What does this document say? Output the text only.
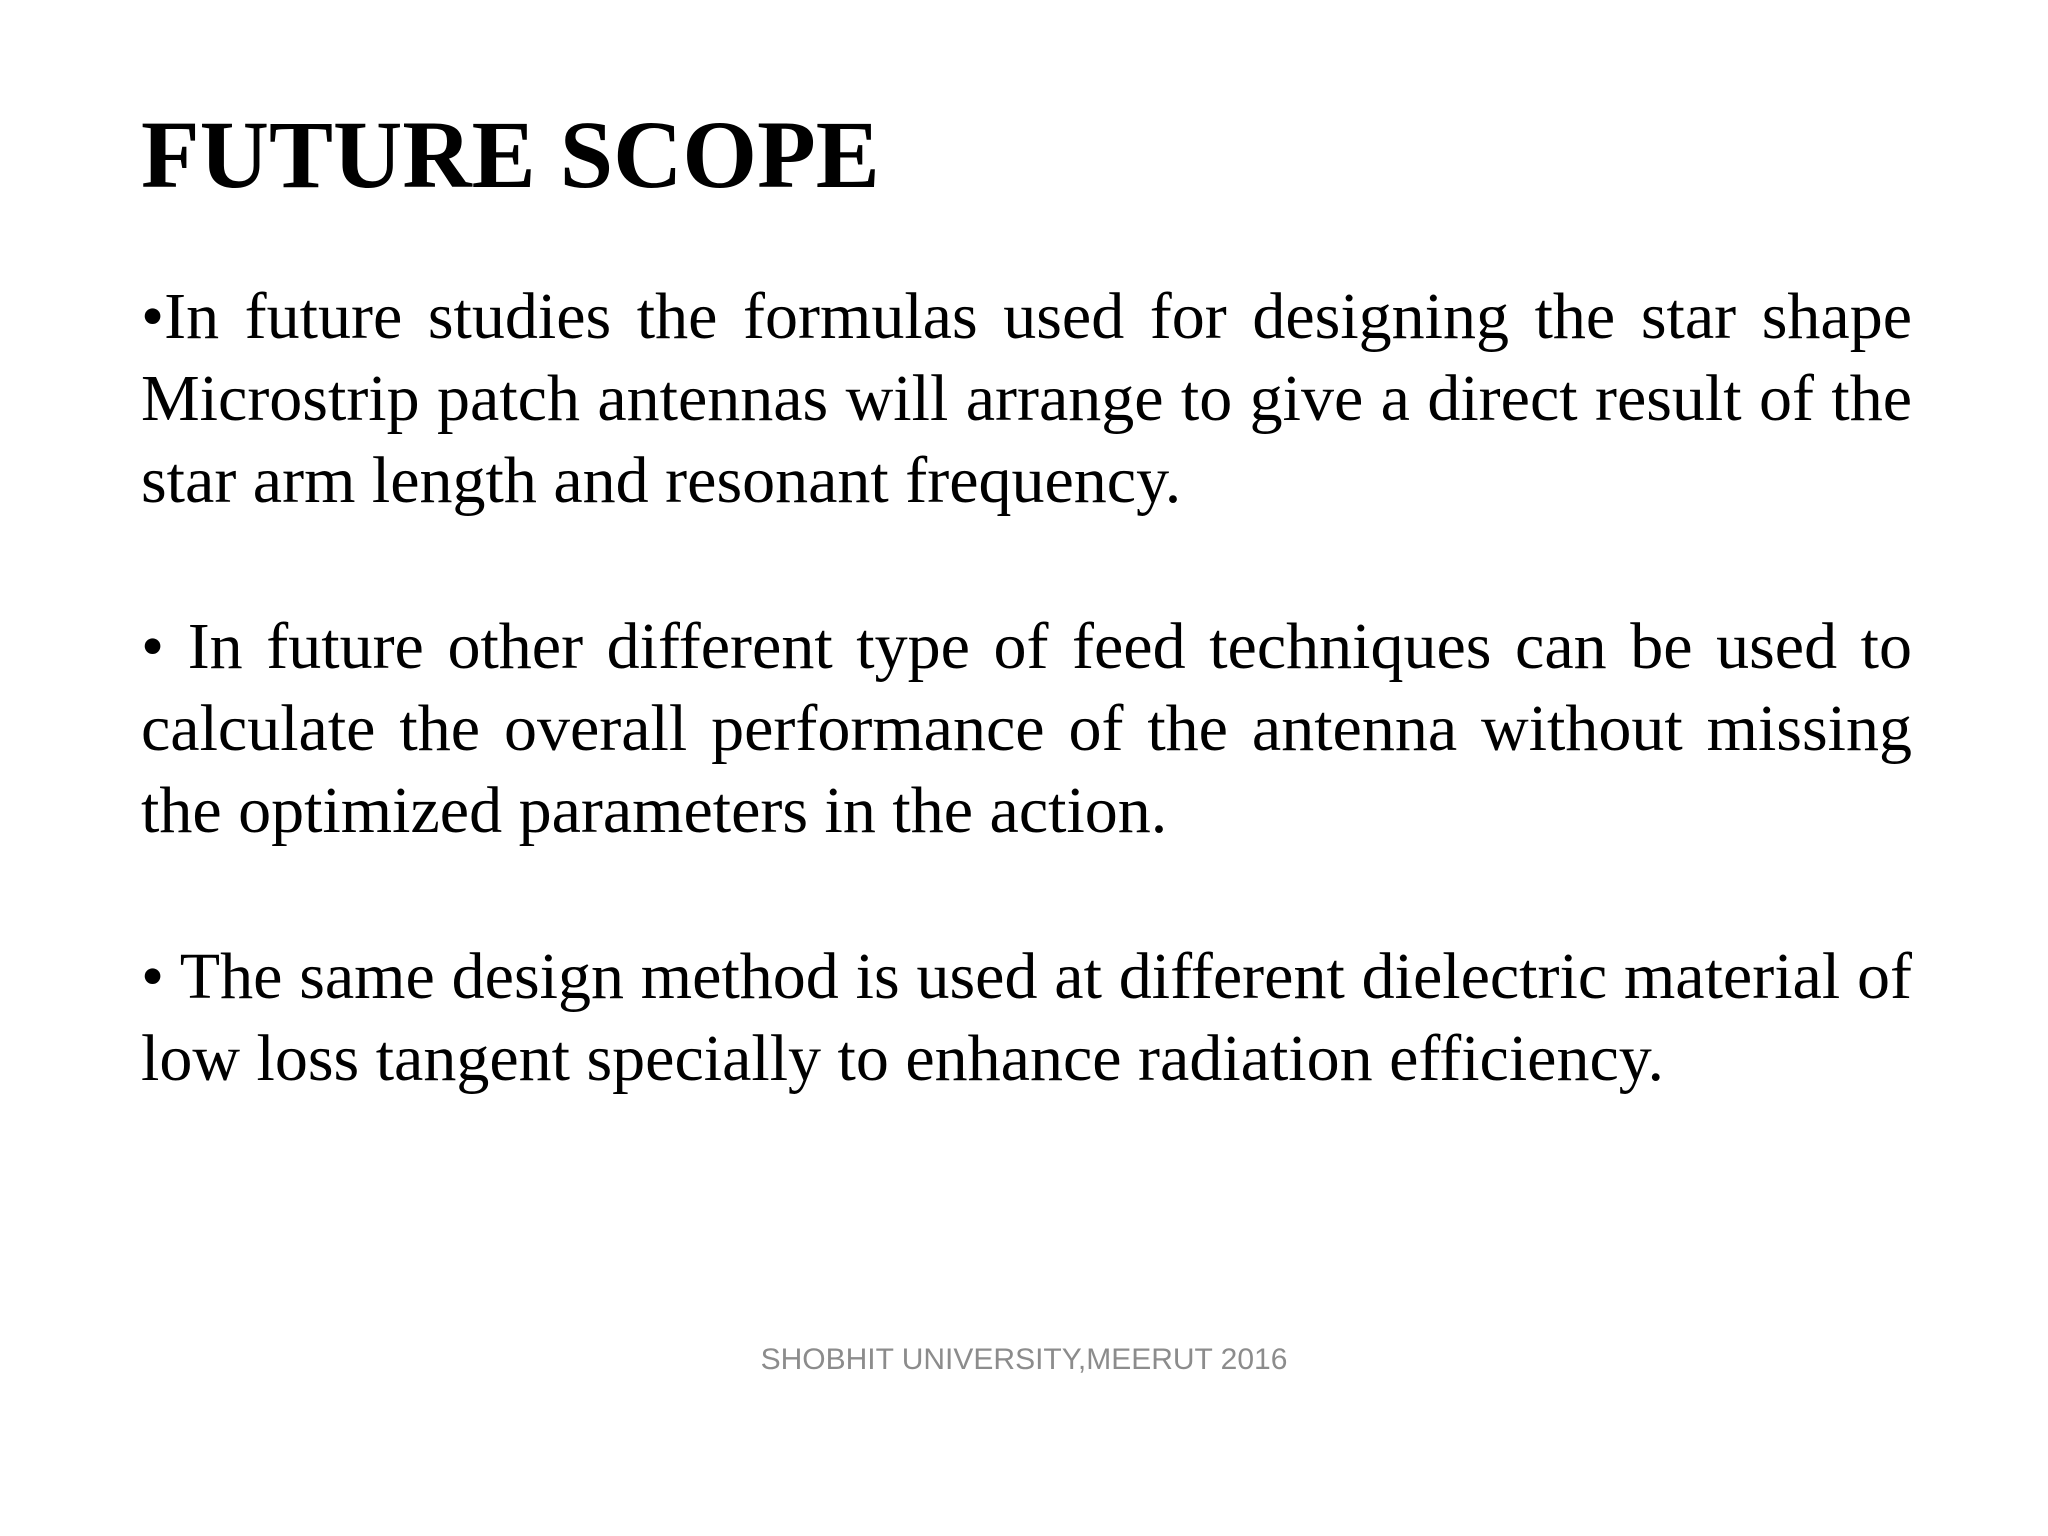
FUTURE SCOPE

•In future studies the formulas used for designing the star shape Microstrip patch antennas will arrange to give a direct result of the star arm length and resonant frequency.

• In future other different type of feed techniques can be used to calculate the overall performance of the antenna without missing the optimized parameters in the action.

• The same design method is used at different dielectric material of low loss tangent specially to enhance radiation efficiency.

SHOBHIT UNIVERSITY,MEERUT 2016
